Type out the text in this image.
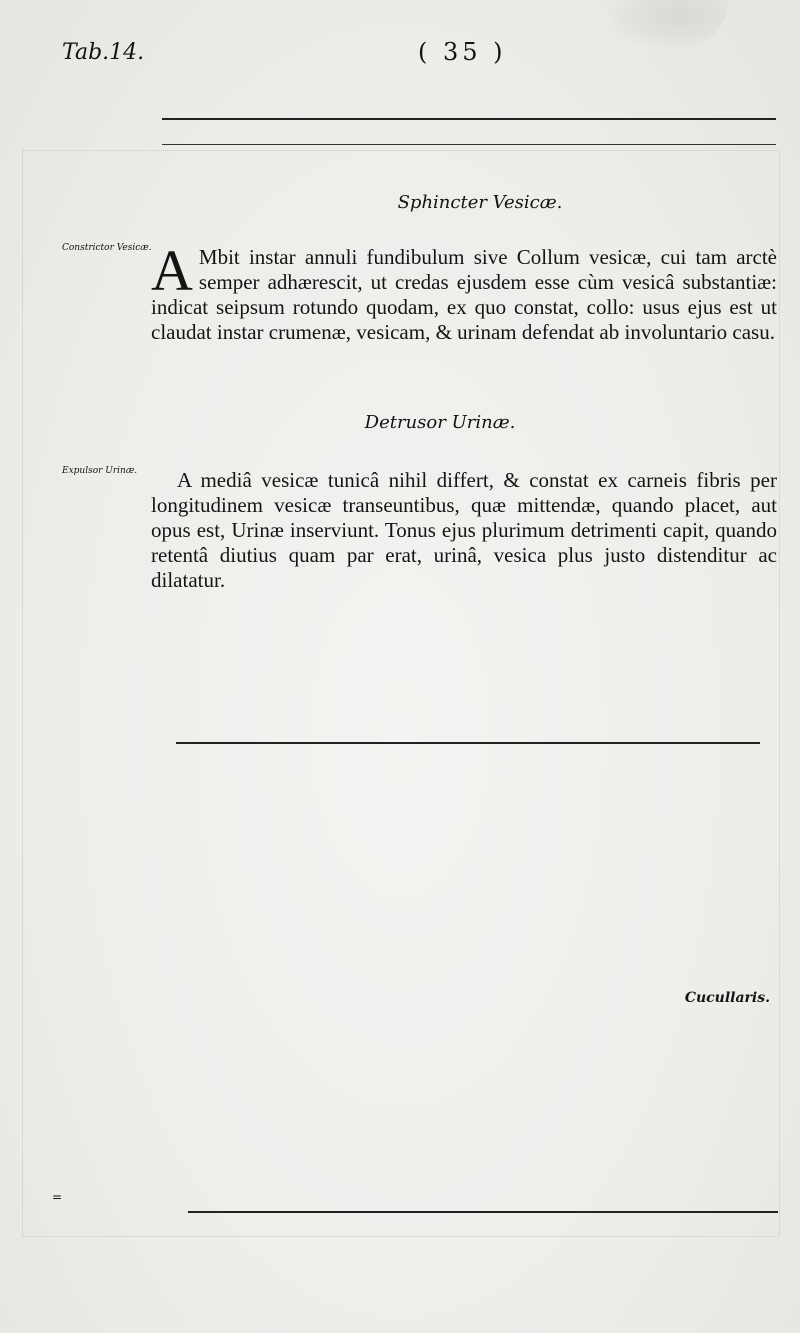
Tab.14.	( 35 )
Sphincter Vesicæ.
Constrictor Vesicæ. A Mbit instar annuli fundibulum sive Collum vesicæ, cui tam arctè semper adhærescit, ut credas ejusdem esse cùm vesicâ substantiæ: indicat seipsum rotundo quodam, ex quo constat, collo: usus ejus est ut claudat instar crumenæ, vesicam, & urinam defendat ab involuntario casu.
Detrusor Urinæ.
Expulsor Urinæ.	A mediâ vesicæ tunicâ nihil differt, & constat ex carneis fibris per longitudinem vesicæ transeuntibus, quæ mittendæ, quando placet, aut opus est, Urinæ inserviunt. Tonus ejus plurimum detrimenti capit, quando retentâ diutius quam par erat, urinâ, vesica plus justo distenditur ac dilatatur.
Cucullaris.
=
